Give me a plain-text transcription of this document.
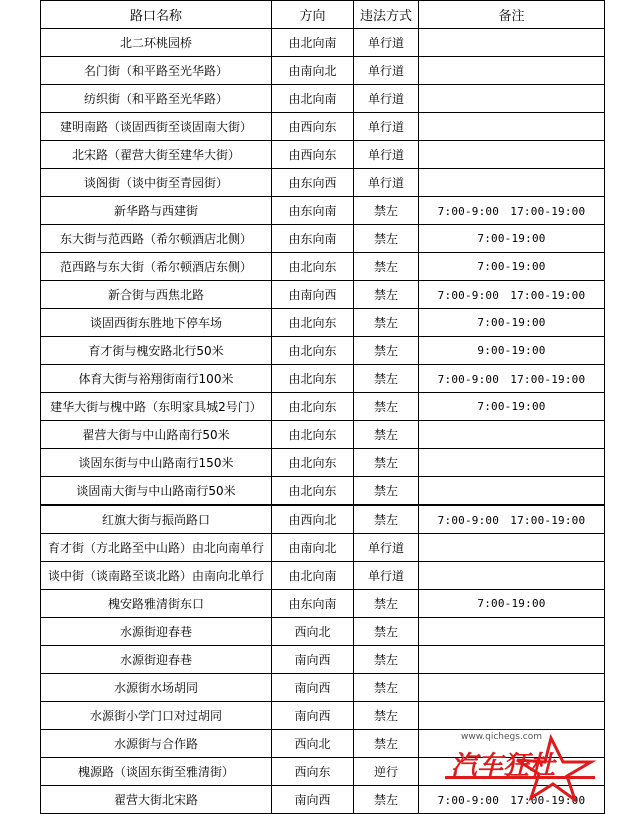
路口名称	方向	违法方式	备注
北二环桃园桥	由北向南	单行道	
名门街（和平路至光华路）	由南向北	单行道	
纺织街（和平路至光华路）	由北向南	单行道	
建明南路（谈固西街至谈固南大街）	由西向东	单行道	
北宋路（翟营大街至建华大街）	由西向东	单行道	
谈阁街（谈中街至青园街）	由东向西	单行道	
新华路与西建街	由东向南	禁左	7:00-9:00　17:00-19:00
东大街与范西路（希尔顿酒店北侧）	由东向南	禁左	7:00-19:00
范西路与东大街（希尔顿酒店东侧）	由北向东	禁左	7:00-19:00
新合街与西焦北路	由南向西	禁左	7:00-9:00　17:00-19:00
谈固西街东胜地下停车场	由北向东	禁左	7:00-19:00
育才街与槐安路北行50米	由北向东	禁左	9:00-19:00
体育大街与裕翔街南行100米	由北向东	禁左	7:00-9:00　17:00-19:00
建华大街与槐中路（东明家具城2号门）	由北向东	禁左	7:00-19:00
翟营大街与中山路南行50米	由北向东	禁左	
谈固东街与中山路南行150米	由北向东	禁左	
谈固南大街与中山路南行50米	由北向东	禁左	
红旗大街与振尚路口	由西向北	禁左	7:00-9:00　17:00-19:00
育才街（方北路至中山路）由北向南单行	由南向北	单行道	
谈中街（谈南路至谈北路）由南向北单行	由北向南	单行道	
槐安路雅清街东口	由东向南	禁左	7:00-19:00
水源街迎春巷	西向北	禁左	
水源街迎春巷	南向西	禁左	
水源街水场胡同	南向西	禁左	
水源街小学门口对过胡同	南向西	禁左	
水源街与合作路	西向北	禁左	
槐源路（谈固东街至雅清街）	西向东	逆行	
翟营大街北宋路	南向西	禁左	7:00-9:00　17:00-19:00
www.qichegs.com
汽车狂杜
